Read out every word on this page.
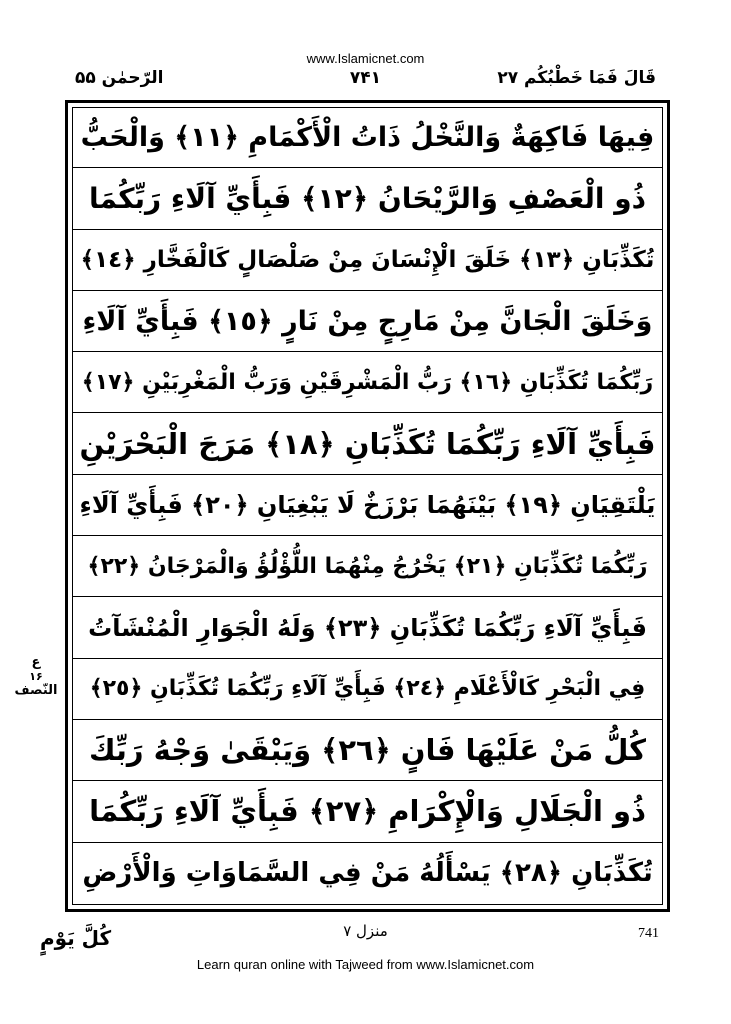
www.Islamicnet.com
الرّحمٰن ۵۵	۷۴۱	قَالَ فَمَا خَطْبُكُم ۲۷
فِيهَا فَاكِهَةٌ وَالنَّخْلُ ذَاتُ الْأَكْمَامِ ﴿١١﴾ وَالْحَبُّ
ذُو الْعَصْفِ وَالرَّيْحَانُ ﴿١٢﴾ فَبِأَيِّ آلَاءِ رَبِّكُمَا
تُكَذِّبَانِ ﴿١٣﴾ خَلَقَ الْإِنْسَانَ مِنْ صَلْصَالٍ كَالْفَخَّارِ ﴿١٤﴾
وَخَلَقَ الْجَانَّ مِنْ مَارِجٍ مِنْ نَارٍ ﴿١٥﴾ فَبِأَيِّ آلَاءِ
رَبِّكُمَا تُكَذِّبَانِ ﴿١٦﴾ رَبُّ الْمَشْرِقَيْنِ وَرَبُّ الْمَغْرِبَيْنِ ﴿١٧﴾
فَبِأَيِّ آلَاءِ رَبِّكُمَا تُكَذِّبَانِ ﴿١٨﴾ مَرَجَ الْبَحْرَيْنِ
يَلْتَقِيَانِ ﴿١٩﴾ بَيْنَهُمَا بَرْزَخٌ لَا يَبْغِيَانِ ﴿٢٠﴾ فَبِأَيِّ آلَاءِ
رَبِّكُمَا تُكَذِّبَانِ ﴿٢١﴾ يَخْرُجُ مِنْهُمَا اللُّؤْلُؤُ وَالْمَرْجَانُ ﴿٢٢﴾
فَبِأَيِّ آلَاءِ رَبِّكُمَا تُكَذِّبَانِ ﴿٢٣﴾ وَلَهُ الْجَوَارِ الْمُنْشَآتُ
فِي الْبَحْرِ كَالْأَعْلَامِ ﴿٢٤﴾ فَبِأَيِّ آلَاءِ رَبِّكُمَا تُكَذِّبَانِ ﴿٢٥﴾
كُلُّ مَنْ عَلَيْهَا فَانٍ ﴿٢٦﴾ وَيَبْقَىٰ وَجْهُ رَبِّكَ
ذُو الْجَلَالِ وَالْإِكْرَامِ ﴿٢٧﴾ فَبِأَيِّ آلَاءِ رَبِّكُمَا
تُكَذِّبَانِ ﴿٢٨﴾ يَسْأَلُهُ مَنْ فِي السَّمَاوَاتِ وَالْأَرْضِ
ع
۱۶
النّصف
كُلَّ يَوْمٍ	منزل ۷	741
Learn quran online with Tajweed from www.Islamicnet.com
